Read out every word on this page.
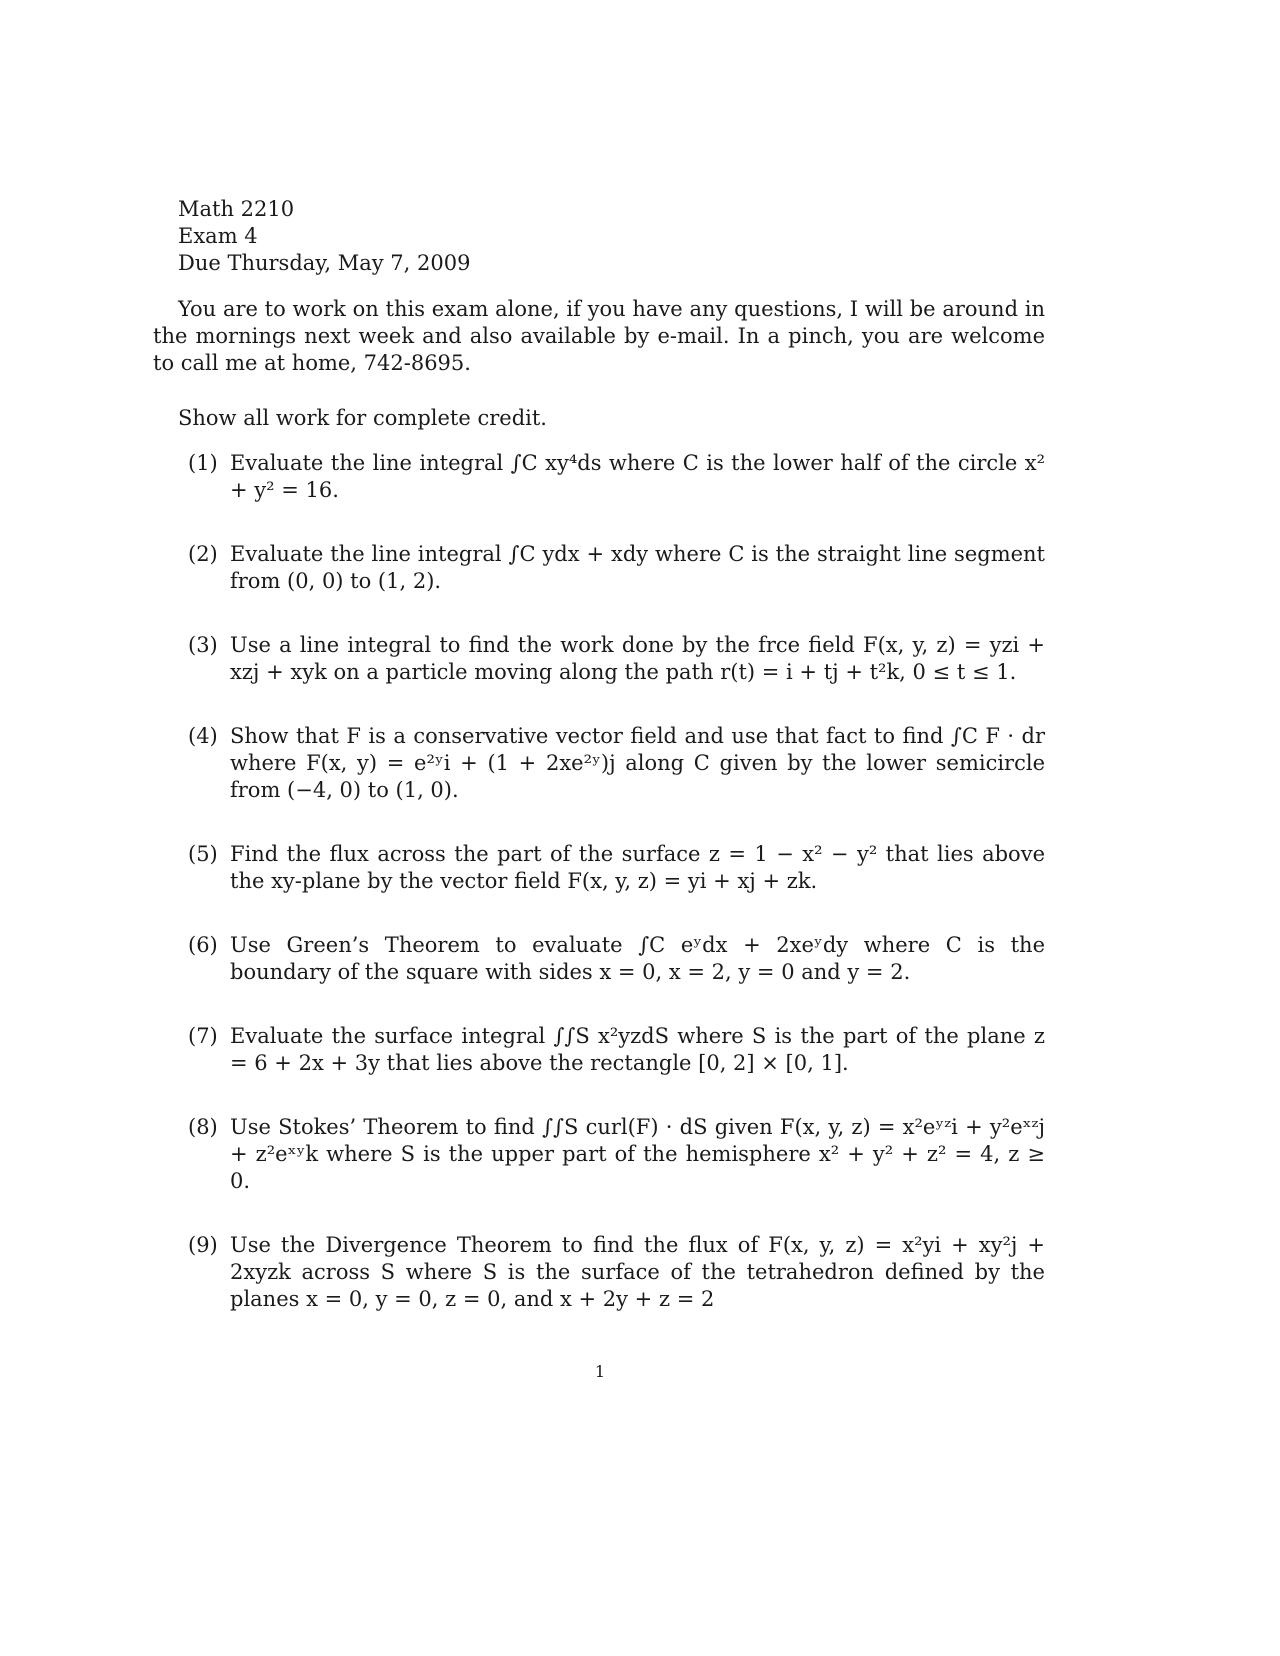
Math 2210
Exam 4
Due Thursday, May 7, 2009
You are to work on this exam alone, if you have any questions, I will be around in the mornings next week and also available by e-mail. In a pinch, you are welcome to call me at home, 742-8695.
Show all work for complete credit.
(1) Evaluate the line integral ∫C xy⁴ds where C is the lower half of the circle x² + y² = 16.
(2) Evaluate the line integral ∫C ydx + xdy where C is the straight line segment from (0, 0) to (1, 2).
(3) Use a line integral to find the work done by the frce field F(x, y, z) = yzi + xzj + xyk on a particle moving along the path r(t) = i + tj + t²k, 0 ≤ t ≤ 1.
(4) Show that F is a conservative vector field and use that fact to find ∫C F · dr where F(x, y) = e²ʸi + (1 + 2xe²ʸ)j along C given by the lower semicircle from (−4, 0) to (1, 0).
(5) Find the flux across the part of the surface z = 1 − x² − y² that lies above the xy-plane by the vector field F(x, y, z) = yi + xj + zk.
(6) Use Green’s Theorem to evaluate ∫C eʸdx + 2xeʸdy where C is the boundary of the square with sides x = 0, x = 2, y = 0 and y = 2.
(7) Evaluate the surface integral ∫∫S x²yzdS where S is the part of the plane z = 6 + 2x + 3y that lies above the rectangle [0, 2] × [0, 1].
(8) Use Stokes’ Theorem to find ∫∫S curl(F) · dS given F(x, y, z) = x²eʸᶻi + y²eˣᶻj + z²eˣʸk where S is the upper part of the hemisphere x² + y² + z² = 4, z ≥ 0.
(9) Use the Divergence Theorem to find the flux of F(x, y, z) = x²yi + xy²j + 2xyzk across S where S is the surface of the tetrahedron defined by the planes x = 0, y = 0, z = 0, and x + 2y + z = 2
1
